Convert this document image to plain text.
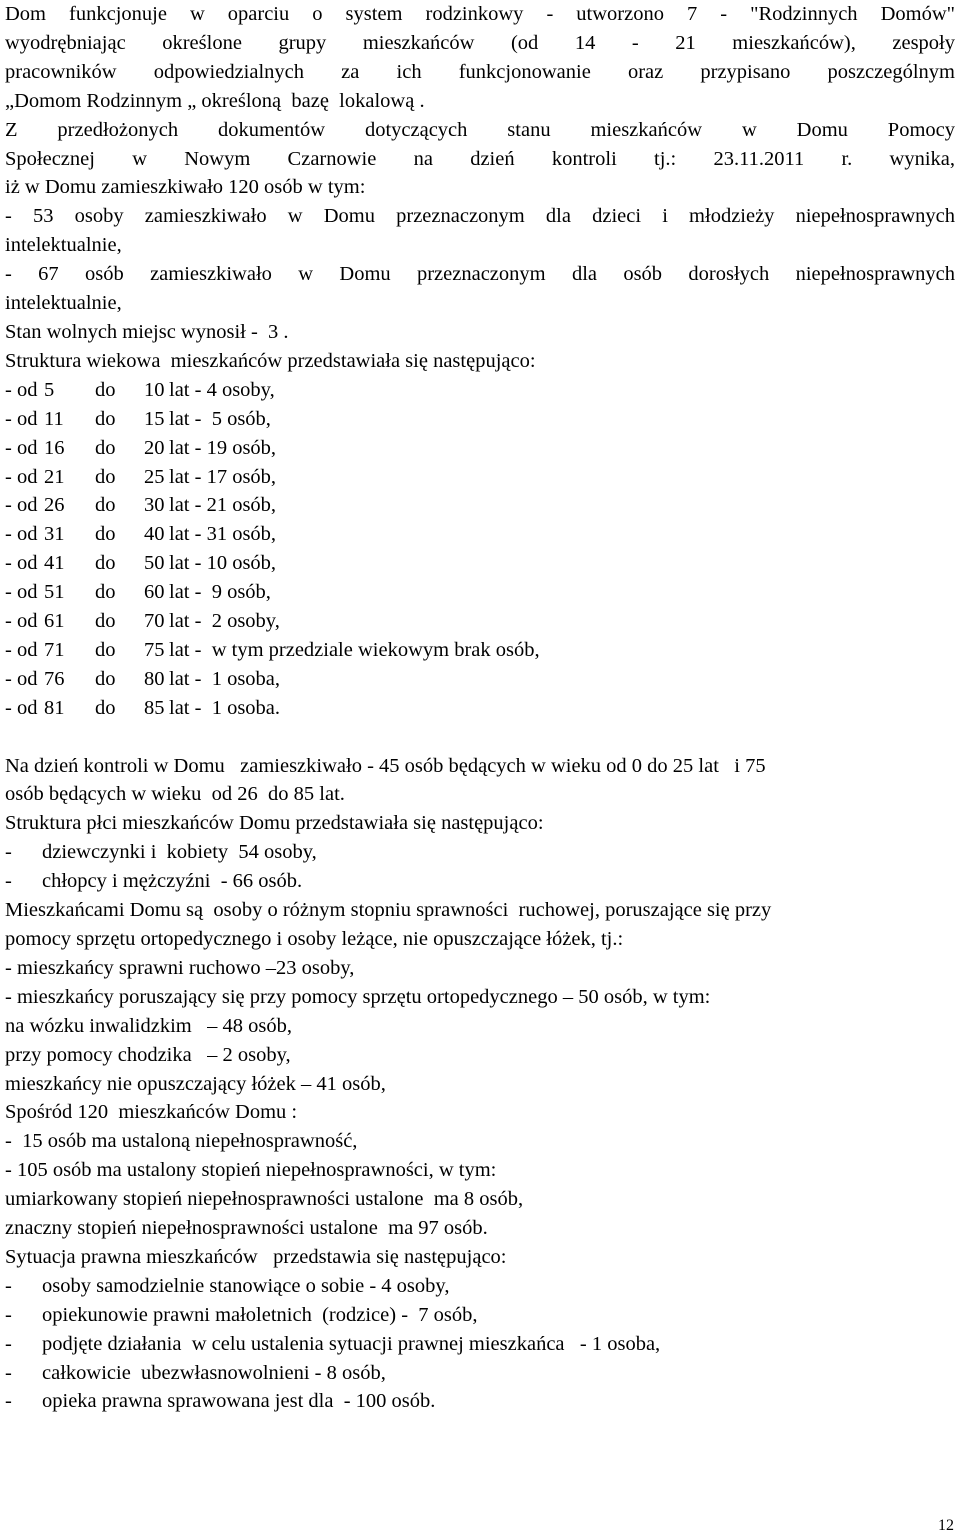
Dom funkcjonuje w oparciu o system rodzinkowy - utworzono 7 - "Rodzinnych Domów"
wyodrębniając określone grupy mieszkańców (od 14 - 21 mieszkańców), zespoły
pracowników odpowiedzialnych za ich funkcjonowanie oraz przypisano poszczególnym
„Domom Rodzinnym „ określoną  bazę  lokalową .
Z przedłożonych dokumentów dotyczących stanu mieszkańców w Domu Pomocy
Społecznej w Nowym Czarnowie na dzień kontroli tj.: 23.11.2011 r. wynika,
iż w Domu zamieszkiwało 120 osób w tym:
- 53 osoby zamieszkiwało w Domu przeznaczonym dla dzieci i młodzieży niepełnosprawnych
intelektualnie,
- 67 osób zamieszkiwało w Domu przeznaczonym dla osób dorosłych niepełnosprawnych
intelektualnie,
Stan wolnych miejsc wynosił -  3 .
Struktura wiekowa  mieszkańców przedstawiała się następująco:
- od 5 do 10 lat - 4 osoby,
- od 11 do 15 lat -  5 osób,
- od 16 do 20 lat - 19 osób,
- od 21 do 25 lat - 17 osób,
- od 26 do 30 lat - 21 osób,
- od 31 do 40 lat - 31 osób,
- od 41 do 50 lat - 10 osób,
- od 51 do 60 lat -  9 osób,
- od 61 do 70 lat -  2 osoby,
- od 71 do 75 lat -  w tym przedziale wiekowym brak osób,
- od 76 do 80 lat -  1 osoba,
- od 81 do 85 lat -  1 osoba.
Na dzień kontroli w Domu   zamieszkiwało - 45 osób będących w wieku od 0 do 25 lat   i 75
osób będących w wieku  od 26  do 85 lat.
Struktura płci mieszkańców Domu przedstawiała się następująco:
- dziewczynki i  kobiety  54 osoby,
- chłopcy i mężczyźni  - 66 osób.
Mieszkańcami Domu są  osoby o różnym stopniu sprawności  ruchowej, poruszające się przy
pomocy sprzętu ortopedycznego i osoby leżące, nie opuszczające łóżek, tj.:
- mieszkańcy sprawni ruchowo –23 osoby,
- mieszkańcy poruszający się przy pomocy sprzętu ortopedycznego – 50 osób, w tym:
na wózku inwalidzkim   – 48 osób,
przy pomocy chodzika   – 2 osoby,
mieszkańcy nie opuszczający łóżek – 41 osób,
Spośród 120  mieszkańców Domu :
-  15 osób ma ustaloną niepełnosprawność,
- 105 osób ma ustalony stopień niepełnosprawności, w tym:
umiarkowany stopień niepełnosprawności ustalone  ma 8 osób,
znaczny stopień niepełnosprawności ustalone  ma 97 osób.
Sytuacja prawna mieszkańców   przedstawia się następująco:
- osoby samodzielnie stanowiące o sobie - 4 osoby,
- opiekunowie prawni małoletnich  (rodzice) -  7 osób,
- podjęte działania  w celu ustalenia sytuacji prawnej mieszkańca   - 1 osoba,
- całkowicie  ubezwłasnowolnieni - 8 osób,
- opieka prawna sprawowana jest dla  - 100 osób.
12
